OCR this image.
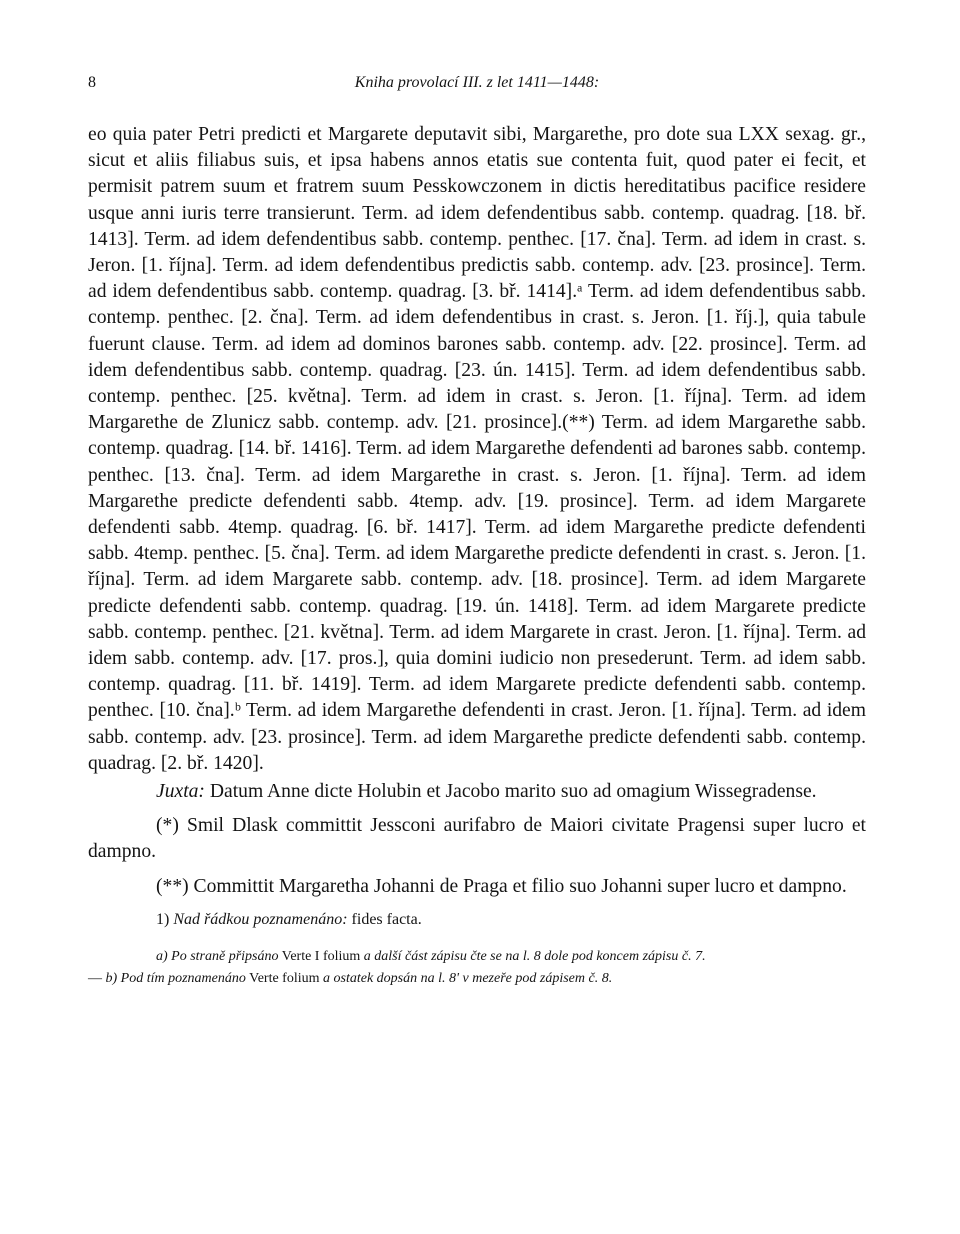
8	Kniha provolací III. z let 1411—1448:

eo quia pater Petri predicti et Margarete deputavit sibi, Margarethe, pro dote sua LXX sexag. gr., sicut et aliis filiabus suis, et ipsa habens annos etatis sue contenta fuit, quod pater ei fecit, et permisit patrem suum et fratrem suum Pesskowczonem in dictis hereditatibus pacifice residere usque anni iuris terre transierunt. Term. ad idem defendentibus sabb. contemp. quadrag. [18. bř. 1413]. Term. ad idem defendentibus sabb. contemp. penthec. [17. čna]. Term. ad idem in crast. s. Jeron. [1. října]. Term. ad idem defendentibus predictis sabb. contemp. adv. [23. prosince]. Term. ad idem defendentibus sabb. contemp. quadrag. [3. bř. 1414].ᵃ Term. ad idem defendentibus sabb. contemp. penthec. [2. čna]. Term. ad idem defendentibus in crast. s. Jeron. [1. říj.], quia tabule fuerunt clause. Term. ad idem ad dominos barones sabb. contemp. adv. [22. prosince]. Term. ad idem defendentibus sabb. contemp. quadrag. [23. ún. 1415]. Term. ad idem defendentibus sabb. contemp. penthec. [25. května]. Term. ad idem in crast. s. Jeron. [1. října]. Term. ad idem Margarethe de Zlunicz sabb. contemp. adv. [21. prosince].(**) Term. ad idem Margarethe sabb. contemp. quadrag. [14. bř. 1416]. Term. ad idem Margarethe defendenti ad barones sabb. contemp. penthec. [13. čna]. Term. ad idem Margarethe in crast. s. Jeron. [1. října]. Term. ad idem Margarethe predicte defendenti sabb. 4temp. adv. [19. prosince]. Term. ad idem Margarete defendenti sabb. 4temp. quadrag. [6. bř. 1417]. Term. ad idem Margarethe predicte defendenti sabb. 4temp. penthec. [5. čna]. Term. ad idem Margarethe predicte defendenti in crast. s. Jeron. [1. října]. Term. ad idem Margarete sabb. contemp. adv. [18. prosince]. Term. ad idem Margarete predicte defendenti sabb. contemp. quadrag. [19. ún. 1418]. Term. ad idem Margarete predicte sabb. contemp. penthec. [21. května]. Term. ad idem Margarete in crast. Jeron. [1. října]. Term. ad idem sabb. contemp. adv. [17. pros.], quia domini iudicio non presederunt. Term. ad idem sabb. contemp. quadrag. [11. bř. 1419]. Term. ad idem Margarete predicte defendenti sabb. contemp. penthec. [10. čna].ᵇ Term. ad idem Margarethe defendenti in crast. Jeron. [1. října]. Term. ad idem sabb. contemp. adv. [23. prosince]. Term. ad idem Margarethe predicte defendenti sabb. contemp. quadrag. [2. bř. 1420].

Juxta: Datum Anne dicte Holubin et Jacobo marito suo ad omagium Wissegradense.

(*) Smil Dlask committit Jessconi aurifabro de Maiori civitate Pragensi super lucro et dampno.

(**) Committit Margaretha Johanni de Praga et filio suo Johanni super lucro et dampno.

1) Nad řádkou poznamenáno: fides facta.

a) Po straně připsáno Verte I folium a další část zápisu čte se na l. 8 dole pod koncem zápisu č. 7.
— b) Pod tím poznamenáno Verte folium a ostatek dopsán na l. 8' v mezeře pod zápisem č. 8.
